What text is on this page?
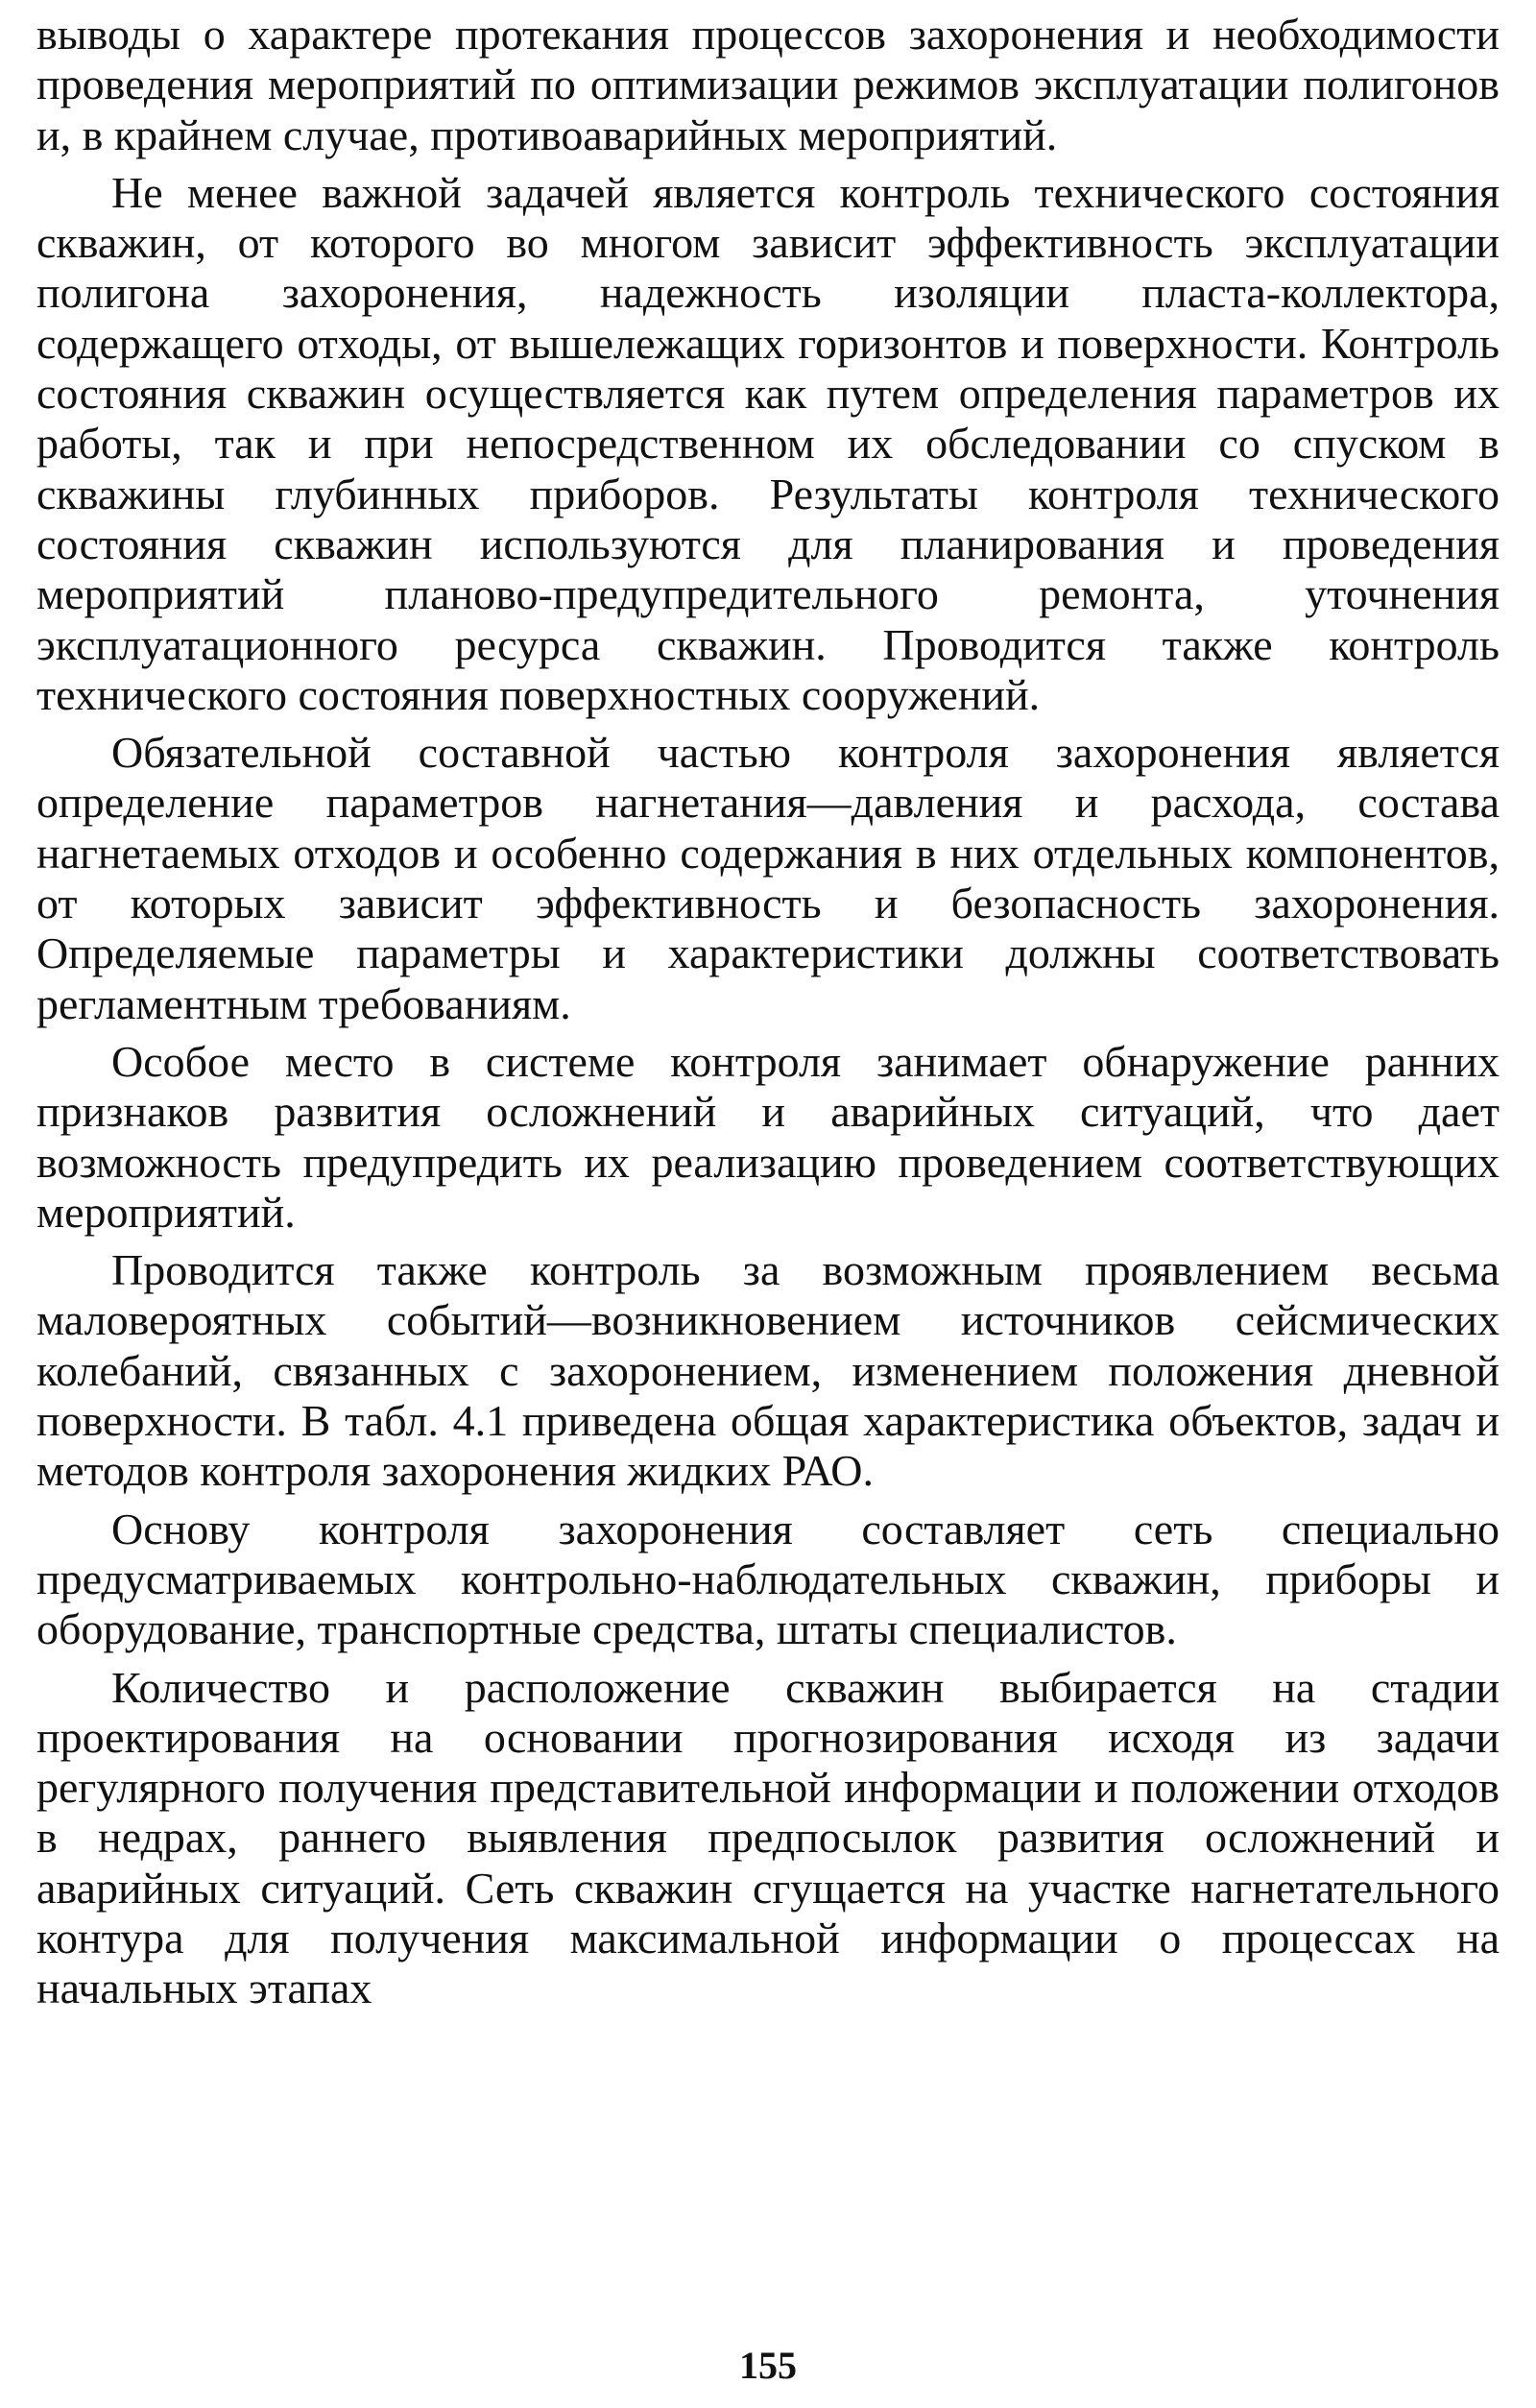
выводы о характере протекания процессов захоронения и необходимости проведения мероприятий по оптимизации режимов эксплуатации полигонов и, в крайнем случае, противоаварийных мероприятий.

Не менее важной задачей является контроль технического состояния скважин, от которого во многом зависит эффективность эксплуатации полигона захоронения, надежность изоляции пласта-коллектора, содержащего отходы, от вышележащих горизонтов и поверхности. Контроль состояния скважин осуществляется как путем определения параметров их работы, так и при непосредственном их обследовании со спуском в скважины глубинных приборов. Результаты контроля технического состояния скважин используются для планирования и проведения мероприятий планово-предупредительного ремонта, уточнения эксплуатационного ресурса скважин. Проводится также контроль технического состояния поверхностных сооружений.

Обязательной составной частью контроля захоронения является определение параметров нагнетания—давления и расхода, состава нагнетаемых отходов и особенно содержания в них отдельных компонентов, от которых зависит эффективность и безопасность захоронения. Определяемые параметры и характеристики должны соответствовать регламентным требованиям.

Особое место в системе контроля занимает обнаружение ранних признаков развития осложнений и аварийных ситуаций, что дает возможность предупредить их реализацию проведением соответствующих мероприятий.

Проводится также контроль за возможным проявлением весьма маловероятных событий—возникновением источников сейсмических колебаний, связанных с захоронением, изменением положения дневной поверхности. В табл. 4.1 приведена общая характеристика объектов, задач и методов контроля захоронения жидких РАО.

Основу контроля захоронения составляет сеть специально предусматриваемых контрольно-наблюдательных скважин, приборы и оборудование, транспортные средства, штаты специалистов.

Количество и расположение скважин выбирается на стадии проектирования на основании прогнозирования исходя из задачи регулярного получения представительной информации и положении отходов в недрах, раннего выявления предпосылок развития осложнений и аварийных ситуаций. Сеть скважин сгущается на участке нагнетательного контура для получения максимальной информации о процессах на начальных этапах

155
